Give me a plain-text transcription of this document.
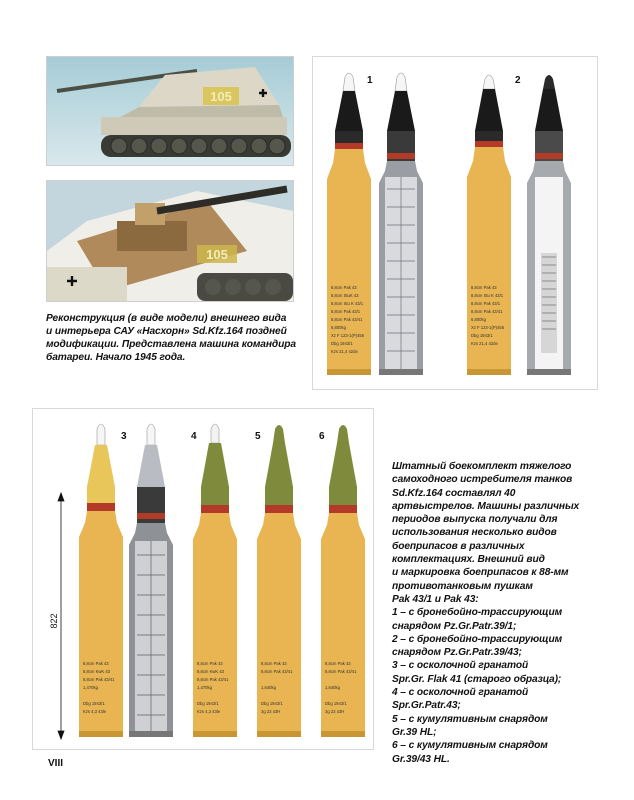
105
105
Реконструкция (в виде модели) внешнего вида
и интерьера САУ «Насхорн» Sd.Kfz.164 поздней
модификации. Представлена машина командира
батареи. Начало 1945 года.
8,8cm Pak 43
8,8cm StuK 43
8,8cm Stu K 43/1
8,8cm Pak 43/1
8,8cm Pak 43/41
6,800kg
Xz F 123-1(P)456
Dbg 1943/1
Kzs 21,4 42de
1
8,8cm Pak 43
8,8cm Stu K 43/1
8,8cm Pak 43/1
8,8cm Pak 43/41
6,800kg
Xz F 123-1(P)456
Dbg 1943/1
Kzs 21,4 42de
2
822
8,8cm Pak 43
8,8cm KwK 43
8,8cm Pak 43/41
1,470kg
Dbg 1943/1
Kzs 4,3 43le
3
8,8cm Pak 43
8,8cm KwK 43
8,8cm Pak 43/41
1,470kg
Dbg 1943/1
Kzs 4,3 43le
4
8,8cm Pak 43
8,8cm Pak 43/41
1,640kg
Dbg 1943/1
3g 23 43H
5
8,8cm Pak 43
8,8cm Pak 43/41
1,640kg
Dbg 1943/1
3g 23 43H
6
Штатный боекомплект тяжелого
самоходного истребителя танков
Sd.Kfz.164 составлял 40
артвыстрелов. Машины различных
периодов выпуска получали для
использования несколько видов
боеприпасов в различных
комплектациях. Внешний вид
и маркировка боеприпасов к 88-мм
противотанковым пушкам
Pak 43/1 и Pak 43:
1 – с бронебойно-трассирующим
снарядом Pz.Gr.Patr.39/1;
2 – с бронебойно-трассирующим
снарядом Pz.Gr.Patr.39/43;
3 – с осколочной гранатой
Spr.Gr. Flak 41 (старого образца);
4 – с осколочной гранатой
Spr.Gr.Patr.43;
5 – с кумулятивным снарядом
Gr.39 HL;
6 – с кумулятивным снарядом
Gr.39/43 HL.
VIII
